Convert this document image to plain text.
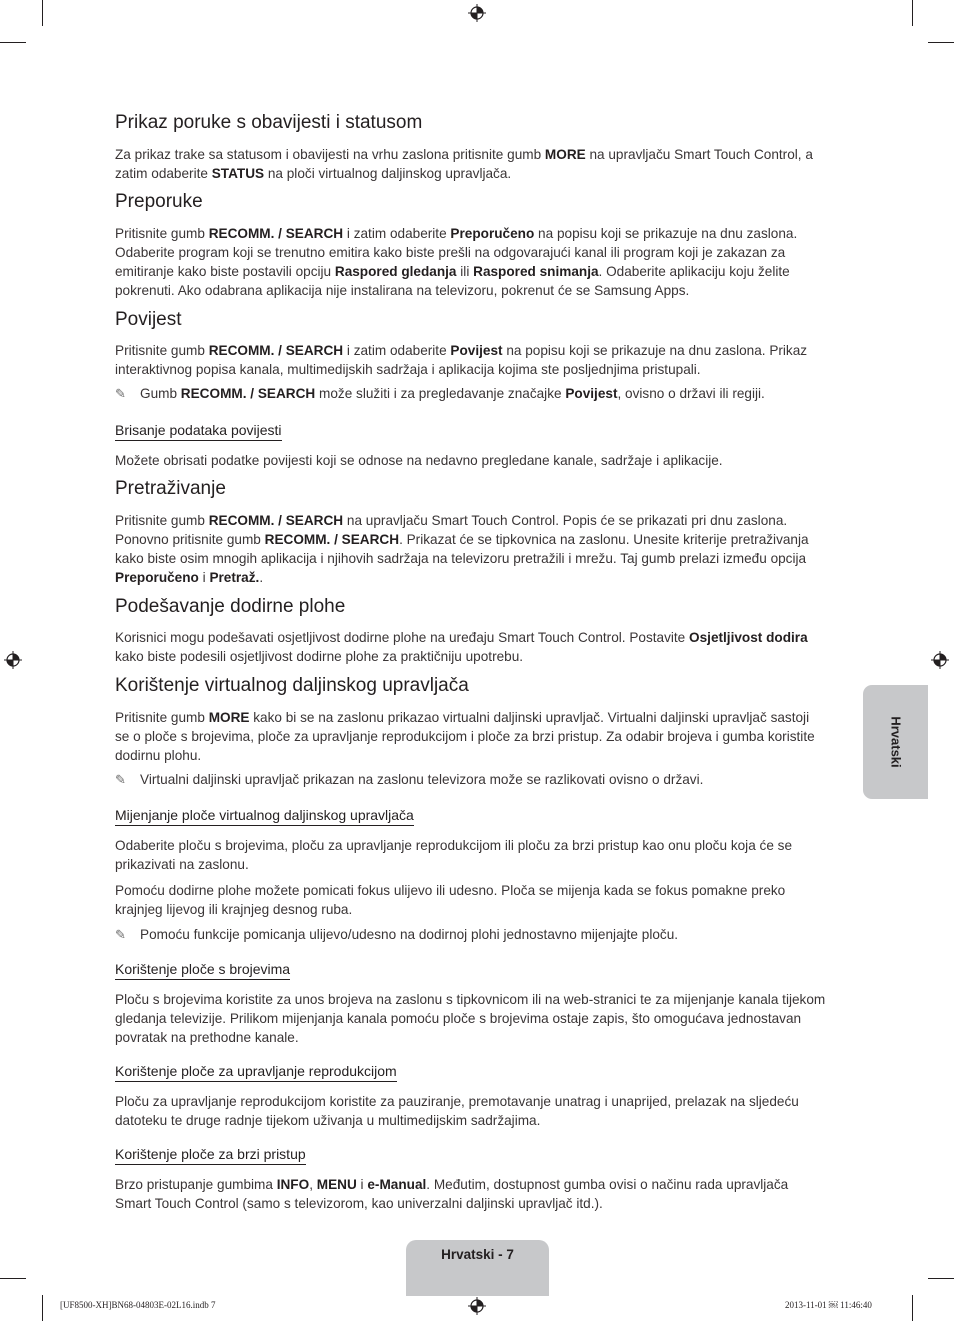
Prikaz poruke s obavijesti i statusom

Za prikaz trake sa statusom i obavijesti na vrhu zaslona pritisnite gumb MORE na upravljaču Smart Touch Control, a
zatim odaberite STATUS na ploči virtualnog daljinskog upravljača.

Preporuke

Pritisnite gumb RECOMM. / SEARCH i zatim odaberite Preporučeno na popisu koji se prikazuje na dnu zaslona.
Odaberite program koji se trenutno emitira kako biste prešli na odgovarajući kanal ili program koji je zakazan za
emitiranje kako biste postavili opciju Raspored gledanja ili Raspored snimanja. Odaberite aplikaciju koju želite
pokrenuti. Ako odabrana aplikacija nije instalirana na televizoru, pokrenut će se Samsung Apps.

Povijest

Pritisnite gumb RECOMM. / SEARCH i zatim odaberite Povijest na popisu koji se prikazuje na dnu zaslona. Prikaz
interaktivnog popisa kanala, multimedijskih sadržaja i aplikacija kojima ste posljednjima pristupali.

✎ Gumb RECOMM. / SEARCH može služiti i za pregledavanje značajke Povijest, ovisno o državi ili regiji.

Brisanje podataka povijesti

Možete obrisati podatke povijesti koji se odnose na nedavno pregledane kanale, sadržaje i aplikacije.

Pretraživanje

Pritisnite gumb RECOMM. / SEARCH na upravljaču Smart Touch Control. Popis će se prikazati pri dnu zaslona.
Ponovno pritisnite gumb RECOMM. / SEARCH. Prikazat će se tipkovnica na zaslonu. Unesite kriterije pretraživanja
kako biste osim mnogih aplikacija i njihovih sadržaja na televizoru pretražili i mrežu. Taj gumb prelazi između opcija
Preporučeno i Pretraž..

Podešavanje dodirne plohe

Korisnici mogu podešavati osjetljivost dodirne plohe na uređaju Smart Touch Control. Postavite Osjetljivost dodira
kako biste podesili osjetljivost dodirne plohe za praktičniju upotrebu.

Korištenje virtualnog daljinskog upravljača

Pritisnite gumb MORE kako bi se na zaslonu prikazao virtualni daljinski upravljač. Virtualni daljinski upravljač sastoji
se o ploče s brojevima, ploče za upravljanje reprodukcijom i ploče za brzi pristup. Za odabir brojeva i gumba koristite
dodirnu plohu.

✎ Virtualni daljinski upravljač prikazan na zaslonu televizora može se razlikovati ovisno o državi.

Mijenjanje ploče virtualnog daljinskog upravljača

Odaberite ploču s brojevima, ploču za upravljanje reprodukcijom ili ploču za brzi pristup kao onu ploču koja će se
prikazivati na zaslonu.

Pomoću dodirne plohe možete pomicati fokus ulijevo ili udesno. Ploča se mijenja kada se fokus pomakne preko
krajnjeg lijevog ili krajnjeg desnog ruba.

✎ Pomoću funkcije pomicanja ulijevo/udesno na dodirnoj plohi jednostavno mijenjajte ploču.

Korištenje ploče s brojevima

Ploču s brojevima koristite za unos brojeva na zaslonu s tipkovnicom ili na web-stranici te za mijenjanje kanala tijekom
gledanja televizije. Prilikom mijenjanja kanala pomoću ploče s brojevima ostaje zapis, što omogućava jednostavan
povratak na prethodne kanale.

Korištenje ploče za upravljanje reprodukcijom

Ploču za upravljanje reprodukcijom koristite za pauziranje, premotavanje unatrag i unaprijed, prelazak na sljedeću
datoteku te druge radnje tijekom uživanja u multimedijskim sadržajima.

Korištenje ploče za brzi pristup

Brzo pristupanje gumbima INFO, MENU i e-Manual. Međutim, dostupnost gumba ovisi o načinu rada upravljača
Smart Touch Control (samo s televizorom, kao univerzalni daljinski upravljač itd.).

Hrvatski
Hrvatski - 7
[UF8500-XH]BN68-04803E-02L16.indb 7	2013-11-01 ￼ 11:46:40
